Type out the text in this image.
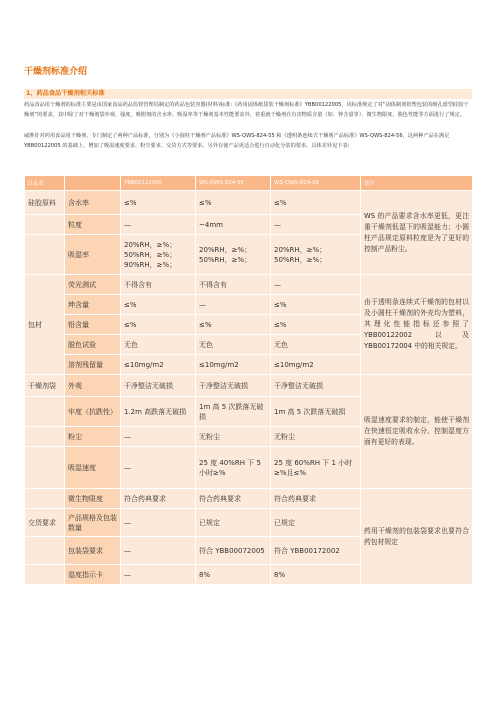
干燥剂标准介绍
1、药品食品干燥剂相关标准
药品食品用干燥剂的标准主要是由国家食品药品监督管理局制定的药品包装容器(材料)标准:《药用固体纸袋装干燥剂标准》YBB00122005，该标准规定了对“固体制剂铝塑包装的细孔球型硅胶干燥剂”的要求，其中除了对干燥剂袋外观、强度，吸附剂的含水率、吸湿率等干燥剂基本性能要求外，着重就干燥剂在有害物质含量（如：钟含量等）、微生物限度，脱色性能等方面进行了规定。
威胜针对药用食品用干燥剂，专门制定了两种产品标准，分别为《小圆柱干燥剂产品标准》WS-QWS-824-55 和《透明条连续式干燥剂产品标准》WS-QWS-824-56，这两种产品在满足 YBB00122005 的基础上，增加了吸湿速度要求、粉尘要求、交货方式等要求。另外有使产品更适合进行自动化分装的要求。具体差异见下表:
目录表		YBB00122005	WS-QWS-824-55	WS-QWS-824-56	备注
硅胶原料	含水率	≤%	≤%	≤%	WS 的产品要求含水率更低，更注重干燥剂低湿下的吸湿能力；小圆柱产品规定原料粒度是为了更好的控制产品粉尘。
	粒度	—	~4mm	—	
	吸湿率	20%RH，≥%；50%RH，≥%；90%RH，≥%；	20%RH，≥%；50%RH，≥%；	20%RH，≥%；50%RH，≥%；	
包材	荧光测试	不得含有	不得含有	—	由于透明条连续式干燥剂的包材以及小圆柱干燥剂的外壳均为塑料，其理化性能指标还参照了 YBB00122002 以及 YBB00172004 中的相关规定。
	坤含量	≤%	—	≤%	
	铅含量	≤%	≤%	≤%	
	脱色试验	无色	无色	无色	
	溶剂残留量	≤10mg/m2	≤10mg/m2	≤10mg/m2	
干燥剂袋	外观	干净整洁无破损	干净整洁无破损	干净整洁无破损	吸湿速度要求的制定，能使干燥剂在快速恒定吸收水分、控制湿度方面有更好的表现。
	牢度（抗跌性）	1.2m 高跌落无破损	1m 高 5 次跌落无破损	1m 高 5 次跌落无破损	
	粉尘	—	无粉尘	无粉尘	
	吸湿速度	—	25 度 40%RH 下 5 小时≥%	25 度 60%RH 下 1 小时≥%且≤%	
	微生物限度	符合药典要求	符合药典要求	符合药典要求	药用干燥剂的包装袋要求也要符合药包材规定
交货要求	产品规格及包装数量	—	已规定	已规定	
	包装袋要求	—	符合 YBB00072005	符合 YBB00172002	
	湿度指示卡	—	8%	8%	
